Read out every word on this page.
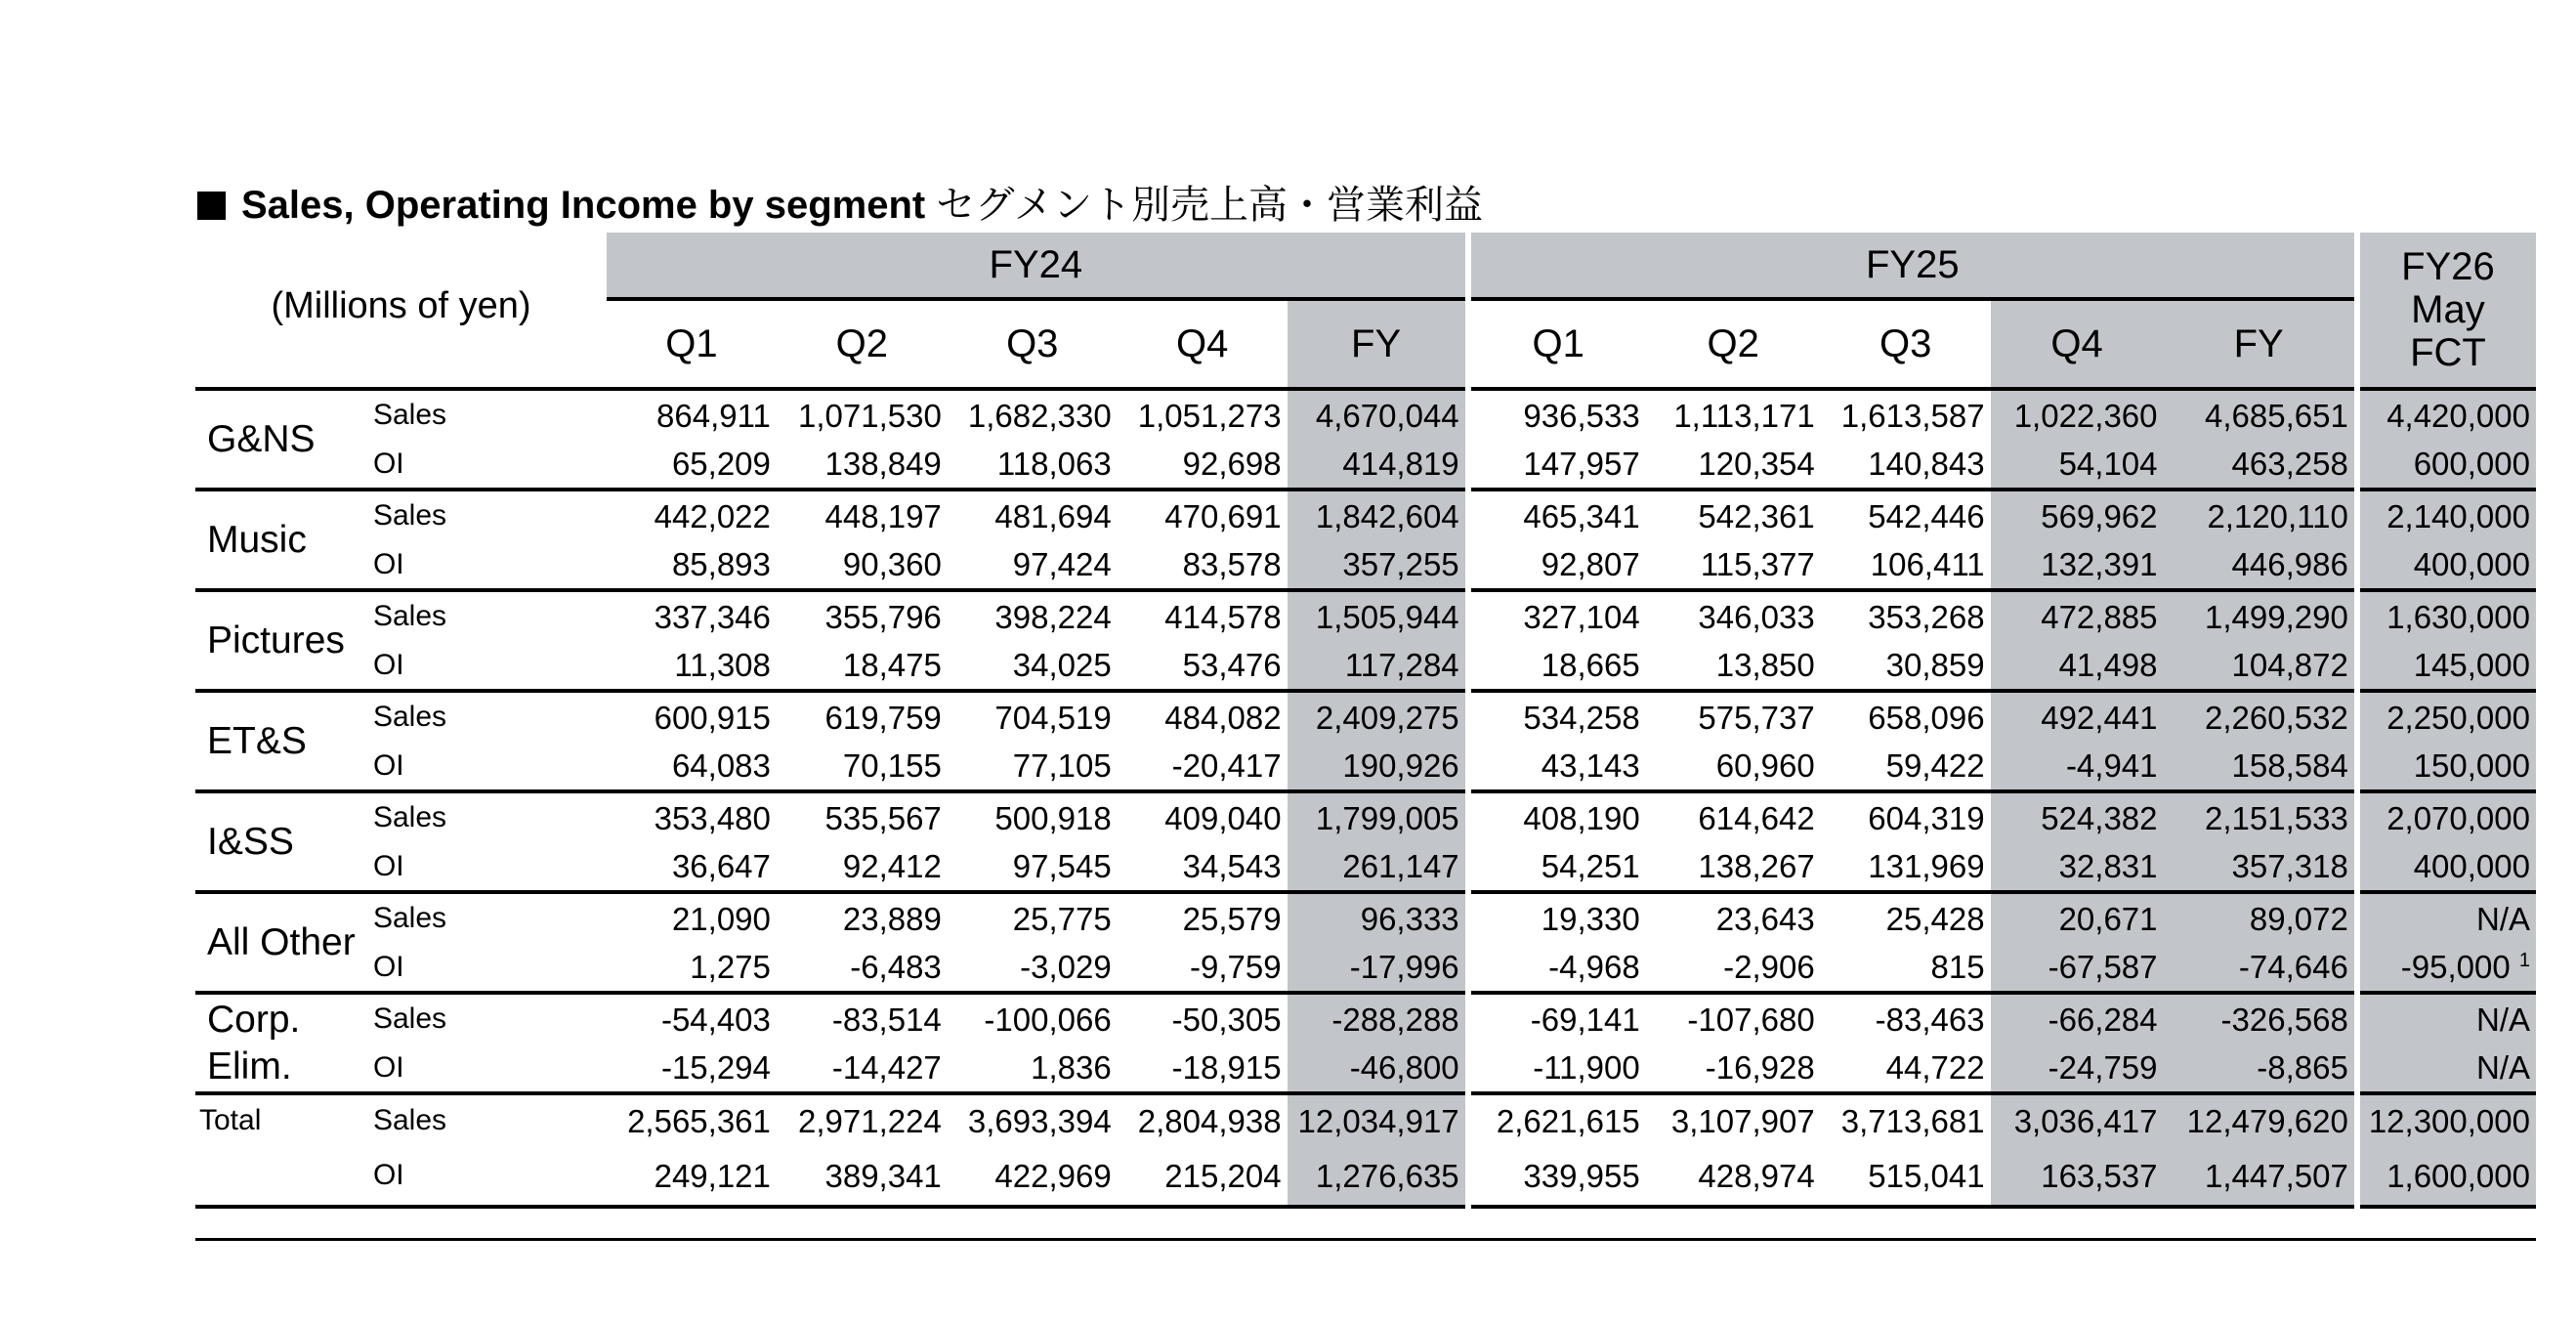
Sales, Operating Income by segment セグメント別売上高・営業利益
(Millions of yen)		FY24						FY25						FY26
May
FCT

		Q1	Q2	Q3	Q4	FY		Q1	Q2	Q3	Q4	FY		

G&NS	Sales	864,911	1,071,530	1,682,330	1,051,273	4,670,044		936,533	1,113,171	1,613,587	1,022,360	4,685,651		4,420,000
	OI	65,209	138,849	118,063	92,698	414,819		147,957	120,354	140,843	54,104	463,258		600,000

Music	Sales	442,022	448,197	481,694	470,691	1,842,604		465,341	542,361	542,446	569,962	2,120,110		2,140,000
	OI	85,893	90,360	97,424	83,578	357,255		92,807	115,377	106,411	132,391	446,986		400,000

Pictures	Sales	337,346	355,796	398,224	414,578	1,505,944		327,104	346,033	353,268	472,885	1,499,290		1,630,000
	OI	11,308	18,475	34,025	53,476	117,284		18,665	13,850	30,859	41,498	104,872		145,000

ET&S	Sales	600,915	619,759	704,519	484,082	2,409,275		534,258	575,737	658,096	492,441	2,260,532		2,250,000
	OI	64,083	70,155	77,105	-20,417	190,926		43,143	60,960	59,422	-4,941	158,584		150,000

I&SS	Sales	353,480	535,567	500,918	409,040	1,799,005		408,190	614,642	604,319	524,382	2,151,533		2,070,000
	OI	36,647	92,412	97,545	34,543	261,147		54,251	138,267	131,969	32,831	357,318		400,000

All Other	Sales	21,090	23,889	25,775	25,579	96,333		19,330	23,643	25,428	20,671	89,072		N/A
	OI	1,275	-6,483	-3,029	-9,759	-17,996		-4,968	-2,906	815	-67,587	-74,646		-95,000 $^1$

Corp.
Elim.	Sales	-54,403	-83,514	-100,066	-50,305	-288,288		-69,141	-107,680	-83,463	-66,284	-326,568		N/A
	OI	-15,294	-14,427	1,836	-18,915	-46,800		-11,900	-16,928	44,722	-24,759	-8,865		N/A
Total	Sales	2,565,361	2,971,224	3,693,394	2,804,938	12,034,917		2,621,615	3,107,907	3,713,681	3,036,417	12,479,620		12,300,000
	OI	249,121	389,341	422,969	215,204	1,276,635		339,955	428,974	515,041	163,537	1,447,507		1,600,000
